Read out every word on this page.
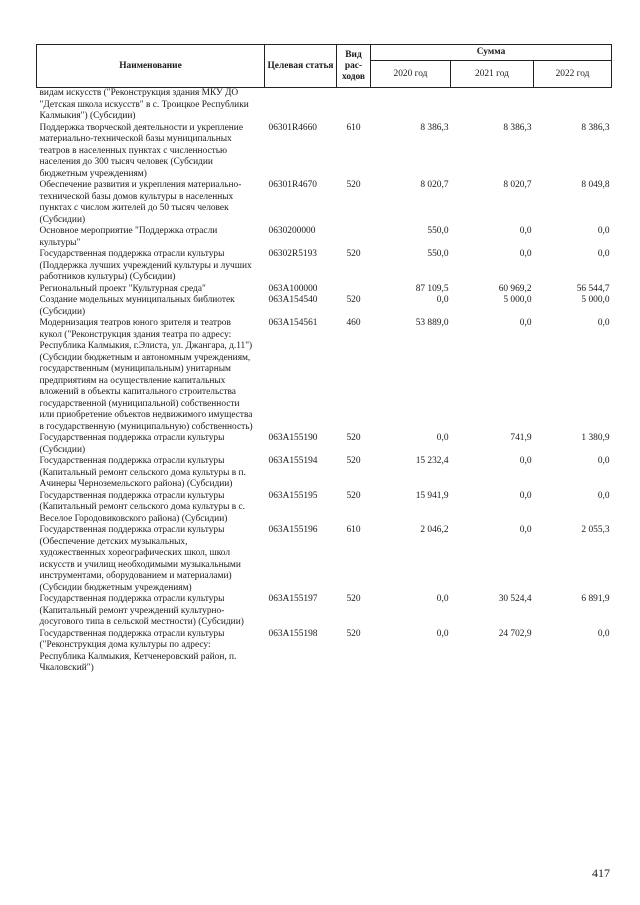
Наименование	Целевая статья	Вид рас-ходов	Сумма		
			2020 год	2021 год	2022 год
видам искусств ("Реконструкция здания МКУ ДО "Детская школа искусств" в с. Троицкое Республики Калмыкия") (Субсидии)					
Поддержка творческой деятельности и укрепление материально-технической базы муниципальных театров в населенных пунктах с численностью населения до 300 тысяч человек (Субсидии бюджетным учреждениям)	06301R4660	610	8 386,3	8 386,3	8 386,3
Обеспечение развития и укрепления материально-технической базы домов культуры в населенных пунктах с числом жителей до 50 тысяч человек (Субсидии)	06301R4670	520	8 020,7	8 020,7	8 049,8
Основное мероприятие "Поддержка отрасли культуры"	0630200000		550,0	0,0	0,0
Государственная поддержка отрасли культуры (Поддержка лучших учреждений культуры и лучших работников культуры) (Субсидии)	06302R5193	520	550,0	0,0	0,0
Региональный проект "Культурная среда"	063A100000		87 109,5	60 969,2	56 544,7
Создание модельных муниципальных библиотек (Субсидии)	063A154540	520	0,0	5 000,0	5 000,0
Модернизация театров юного зрителя и театров кукол ("Реконструкция здания театра по адресу: Республика Калмыкия, г.Элиста, ул. Джангара, д.11") (Субсидии бюджетным и автономным учреждениям, государственным (муниципальным) унитарным предприятиям на осуществление капитальных вложений в объекты капитального строительства государственной (муниципальной) собственности или приобретение объектов недвижимого имущества в государственную (муниципальную) собственность)	063A154561	460	53 889,0	0,0	0,0
Государственная поддержка отрасли культуры (Субсидии)	063A155190	520	0,0	741,9	1 380,9
Государственная поддержка отрасли культуры (Капитальный ремонт сельского дома культуры в п. Ачинеры Черноземельского района) (Субсидии)	063A155194	520	15 232,4	0,0	0,0
Государственная поддержка отрасли культуры (Капитальный ремонт сельского дома культуры в с. Веселое Городовиковского района) (Субсидии)	063A155195	520	15 941,9	0,0	0,0
Государственная поддержка отрасли культуры (Обеспечение детских музыкальных, художественных хореографических школ, школ искусств и училищ необходимыми музыкальными инструментами, оборудованием и материалами) (Субсидии бюджетным учреждениям)	063A155196	610	2 046,2	0,0	2 055,3
Государственная поддержка отрасли культуры (Капитальный ремонт учреждений культурно-досугового типа в сельской местности) (Субсидии)	063A155197	520	0,0	30 524,4	6 891,9
Государственная поддержка отрасли культуры ("Реконструкция дома культуры по адресу: Республика Калмыкия, Кетченеровский район, п. Чкаловский")	063A155198	520	0,0	24 702,9	0,0
417
